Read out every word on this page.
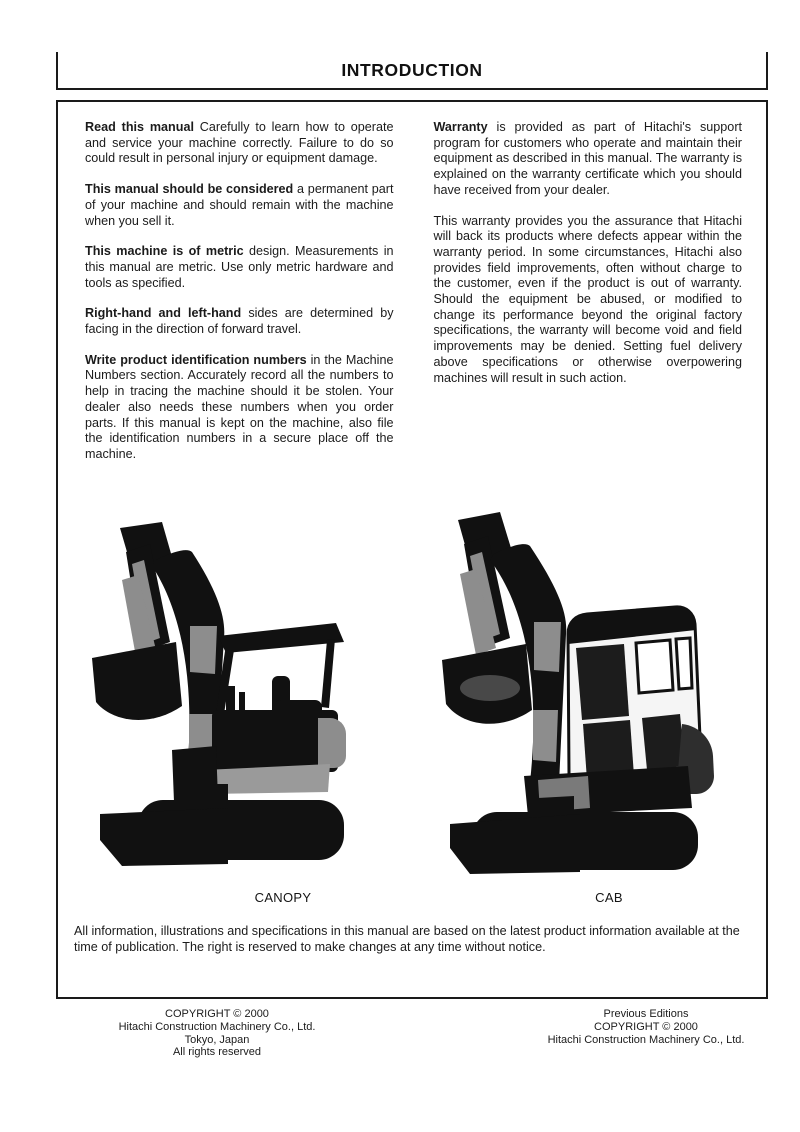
INTRODUCTION

Read this manual Carefully to learn how to operate and service your machine correctly. Failure to do so could result in personal injury or equipment damage.

This manual should be considered a permanent part of your machine and should remain with the machine when you sell it.

This machine is of metric design. Measurements in this manual are metric. Use only metric hardware and tools as specified.

Right-hand and left-hand sides are determined by facing in the direction of forward travel.

Write product identification numbers in the Machine Numbers section. Accurately record all the numbers to help in tracing the machine should it be stolen. Your dealer also needs these numbers when you order parts. If this manual is kept on the machine, also file the identification numbers in a secure place off the machine.

Warranty is provided as part of Hitachi's support program for customers who operate and maintain their equipment as described in this manual. The warranty is explained on the warranty certificate which you should have received from your dealer.

This warranty provides you the assurance that Hitachi will back its products where defects appear within the warranty period. In some circumstances, Hitachi also provides field improvements, often without charge to the customer, even if the product is out of warranty. Should the equipment be abused, or modified to change its performance beyond the original factory specifications, the warranty will become void and field improvements may be denied. Setting fuel delivery above specifications or otherwise overpowering machines will result in such action.

CANOPY	CAB

All information, illustrations and specifications in this manual are based on the latest product information available at the time of publication. The right is reserved to make changes at any time without notice.

COPYRIGHT © 2000
Hitachi Construction Machinery Co., Ltd.
Tokyo, Japan
All rights reserved
Previous Editions
COPYRIGHT © 2000
Hitachi Construction Machinery Co., Ltd.
